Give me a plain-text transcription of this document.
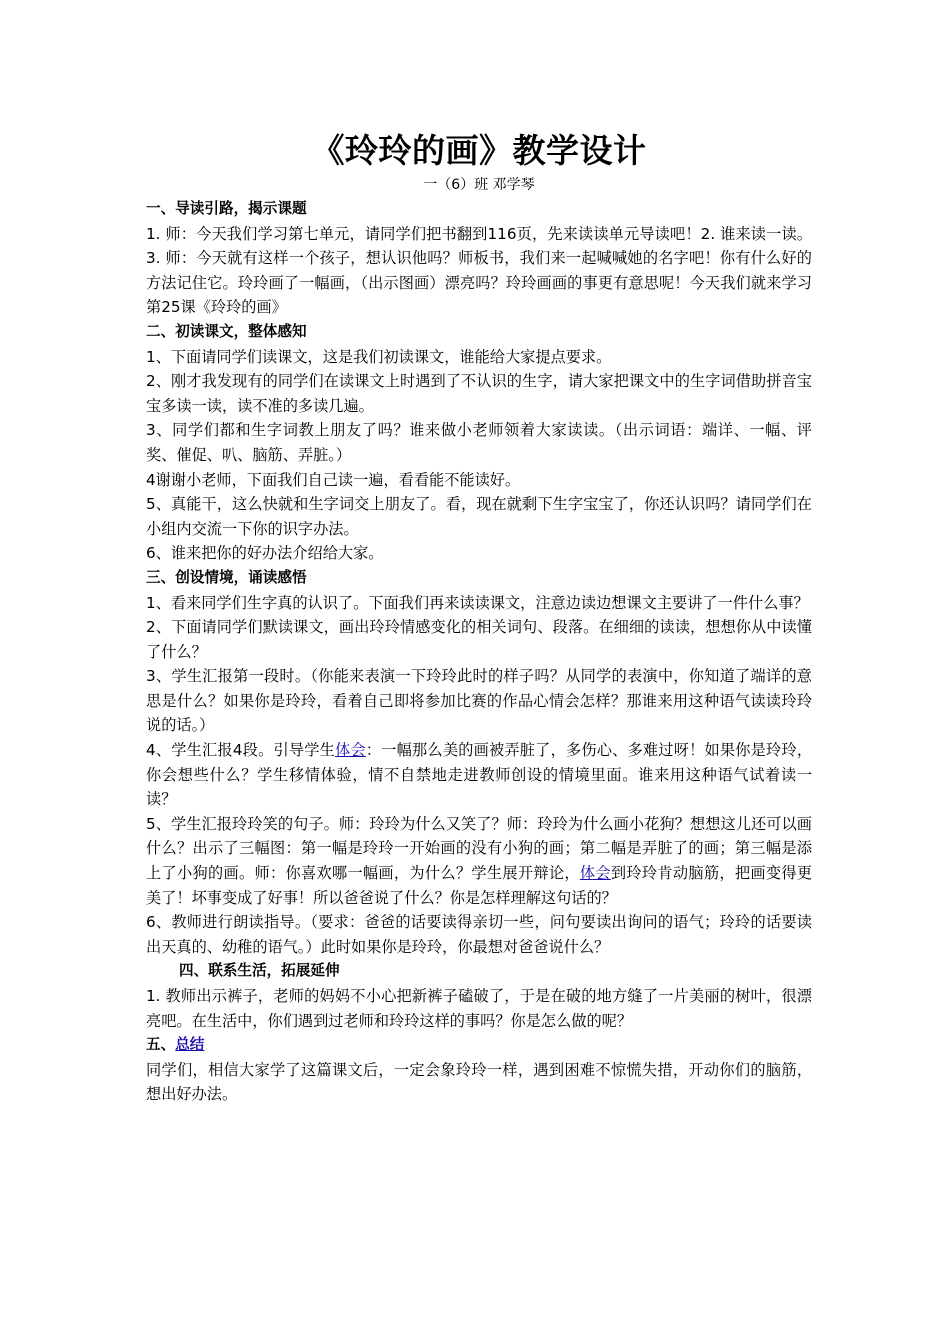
《玲玲的画》教学设计
一（6）班 邓学琴
一、导读引路，揭示课题

1. 师：今天我们学习第七单元，请同学们把书翻到116页，先来读读单元导读吧！2. 谁来读一读。3. 师：今天就有这样一个孩子，想认识他吗？师板书，我们来一起喊喊她的名字吧！你有什么好的方法记住它。玲玲画了一幅画，（出示图画）漂亮吗？玲玲画画的事更有意思呢！今天我们就来学习第25课《玲玲的画》

二、初读课文，整体感知

1、下面请同学们读课文，这是我们初读课文，谁能给大家提点要求。

2、刚才我发现有的同学们在读课文上时遇到了不认识的生字，请大家把课文中的生字词借助拼音宝宝多读一读，读不准的多读几遍。

3、同学们都和生字词教上朋友了吗？谁来做小老师领着大家读读。（出示词语：端详、一幅、评奖、催促、叭、脑筋、弄脏。）

4谢谢小老师，下面我们自己读一遍，看看能不能读好。

5、真能干，这么快就和生字词交上朋友了。看，现在就剩下生字宝宝了，你还认识吗？请同学们在小组内交流一下你的识字办法。

6、谁来把你的好办法介绍给大家。

三、创设情境，诵读感悟

1、看来同学们生字真的认识了。下面我们再来读读课文，注意边读边想课文主要讲了一件什么事？

2、下面请同学们默读课文，画出玲玲情感变化的相关词句、段落。在细细的读读，想想你从中读懂了什么？

3、学生汇报第一段时。（你能来表演一下玲玲此时的样子吗？从同学的表演中，你知道了端详的意思是什么？如果你是玲玲，看着自己即将参加比赛的作品心情会怎样？那谁来用这种语气读读玲玲说的话。）

4、学生汇报4段。引导学生体会：一幅那么美的画被弄脏了，多伤心、多难过呀！如果你是玲玲，你会想些什么？学生移情体验，情不自禁地走进教师创设的情境里面。谁来用这种语气试着读一读？

5、学生汇报玲玲笑的句子。师：玲玲为什么又笑了？师：玲玲为什么画小花狗？想想这儿还可以画什么？出示了三幅图：第一幅是玲玲一开始画的没有小狗的画；第二幅是弄脏了的画；第三幅是添上了小狗的画。师：你喜欢哪一幅画，为什么？学生展开辩论，体会到玲玲肯动脑筋，把画变得更美了！坏事变成了好事！所以爸爸说了什么？你是怎样理解这句话的？

6、教师进行朗读指导。（要求：爸爸的话要读得亲切一些，问句要读出询问的语气；玲玲的话要读出天真的、幼稚的语气。）此时如果你是玲玲，你最想对爸爸说什么？

四、联系生活，拓展延伸

1. 教师出示裤子，老师的妈妈不小心把新裤子磕破了，于是在破的地方缝了一片美丽的树叶，很漂亮吧。在生活中，你们遇到过老师和玲玲这样的事吗？你是怎么做的呢？

五、总结

同学们，相信大家学了这篇课文后，一定会象玲玲一样，遇到困难不惊慌失措，开动你们的脑筋，想出好办法。
